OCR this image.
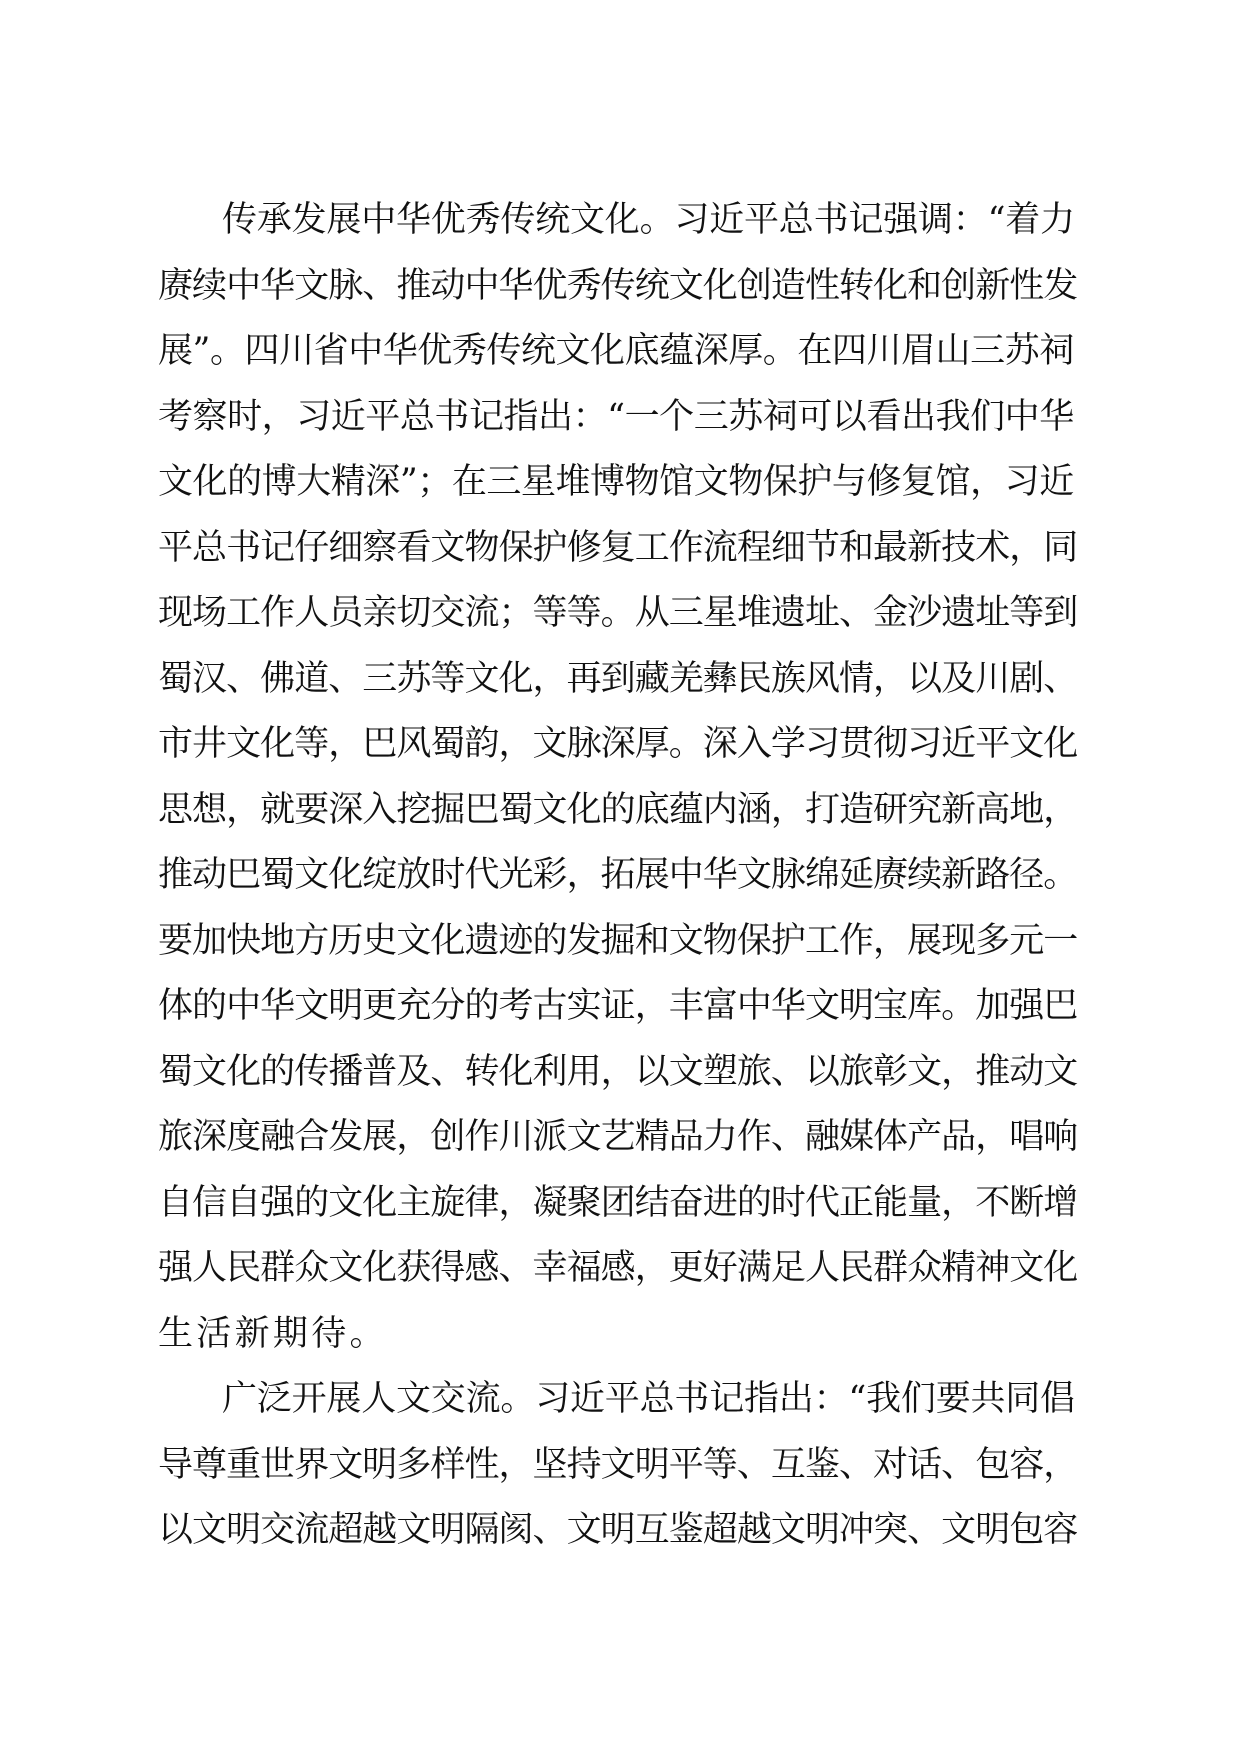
传承发展中华优秀传统文化。习近平总书记强调：“着力
赓续中华文脉、推动中华优秀传统文化创造性转化和创新性发
展”。四川省中华优秀传统文化底蕴深厚。在四川眉山三苏祠
考察时，习近平总书记指出：“一个三苏祠可以看出我们中华
文化的博大精深”；在三星堆博物馆文物保护与修复馆，习近
平总书记仔细察看文物保护修复工作流程细节和最新技术，同
现场工作人员亲切交流；等等。从三星堆遗址、金沙遗址等到
蜀汉、佛道、三苏等文化，再到藏羌彝民族风情，以及川剧、
市井文化等，巴风蜀韵，文脉深厚。深入学习贯彻习近平文化
思想，就要深入挖掘巴蜀文化的底蕴内涵，打造研究新高地，
推动巴蜀文化绽放时代光彩，拓展中华文脉绵延赓续新路径。
要加快地方历史文化遗迹的发掘和文物保护工作，展现多元一
体的中华文明更充分的考古实证，丰富中华文明宝库。加强巴
蜀文化的传播普及、转化利用，以文塑旅、以旅彰文，推动文
旅深度融合发展，创作川派文艺精品力作、融媒体产品，唱响
自信自强的文化主旋律，凝聚团结奋进的时代正能量，不断增
强人民群众文化获得感、幸福感，更好满足人民群众精神文化
生活新期待。
广泛开展人文交流。习近平总书记指出：“我们要共同倡
导尊重世界文明多样性，坚持文明平等、互鉴、对话、包容，
以文明交流超越文明隔阂、文明互鉴超越文明冲突、文明包容
